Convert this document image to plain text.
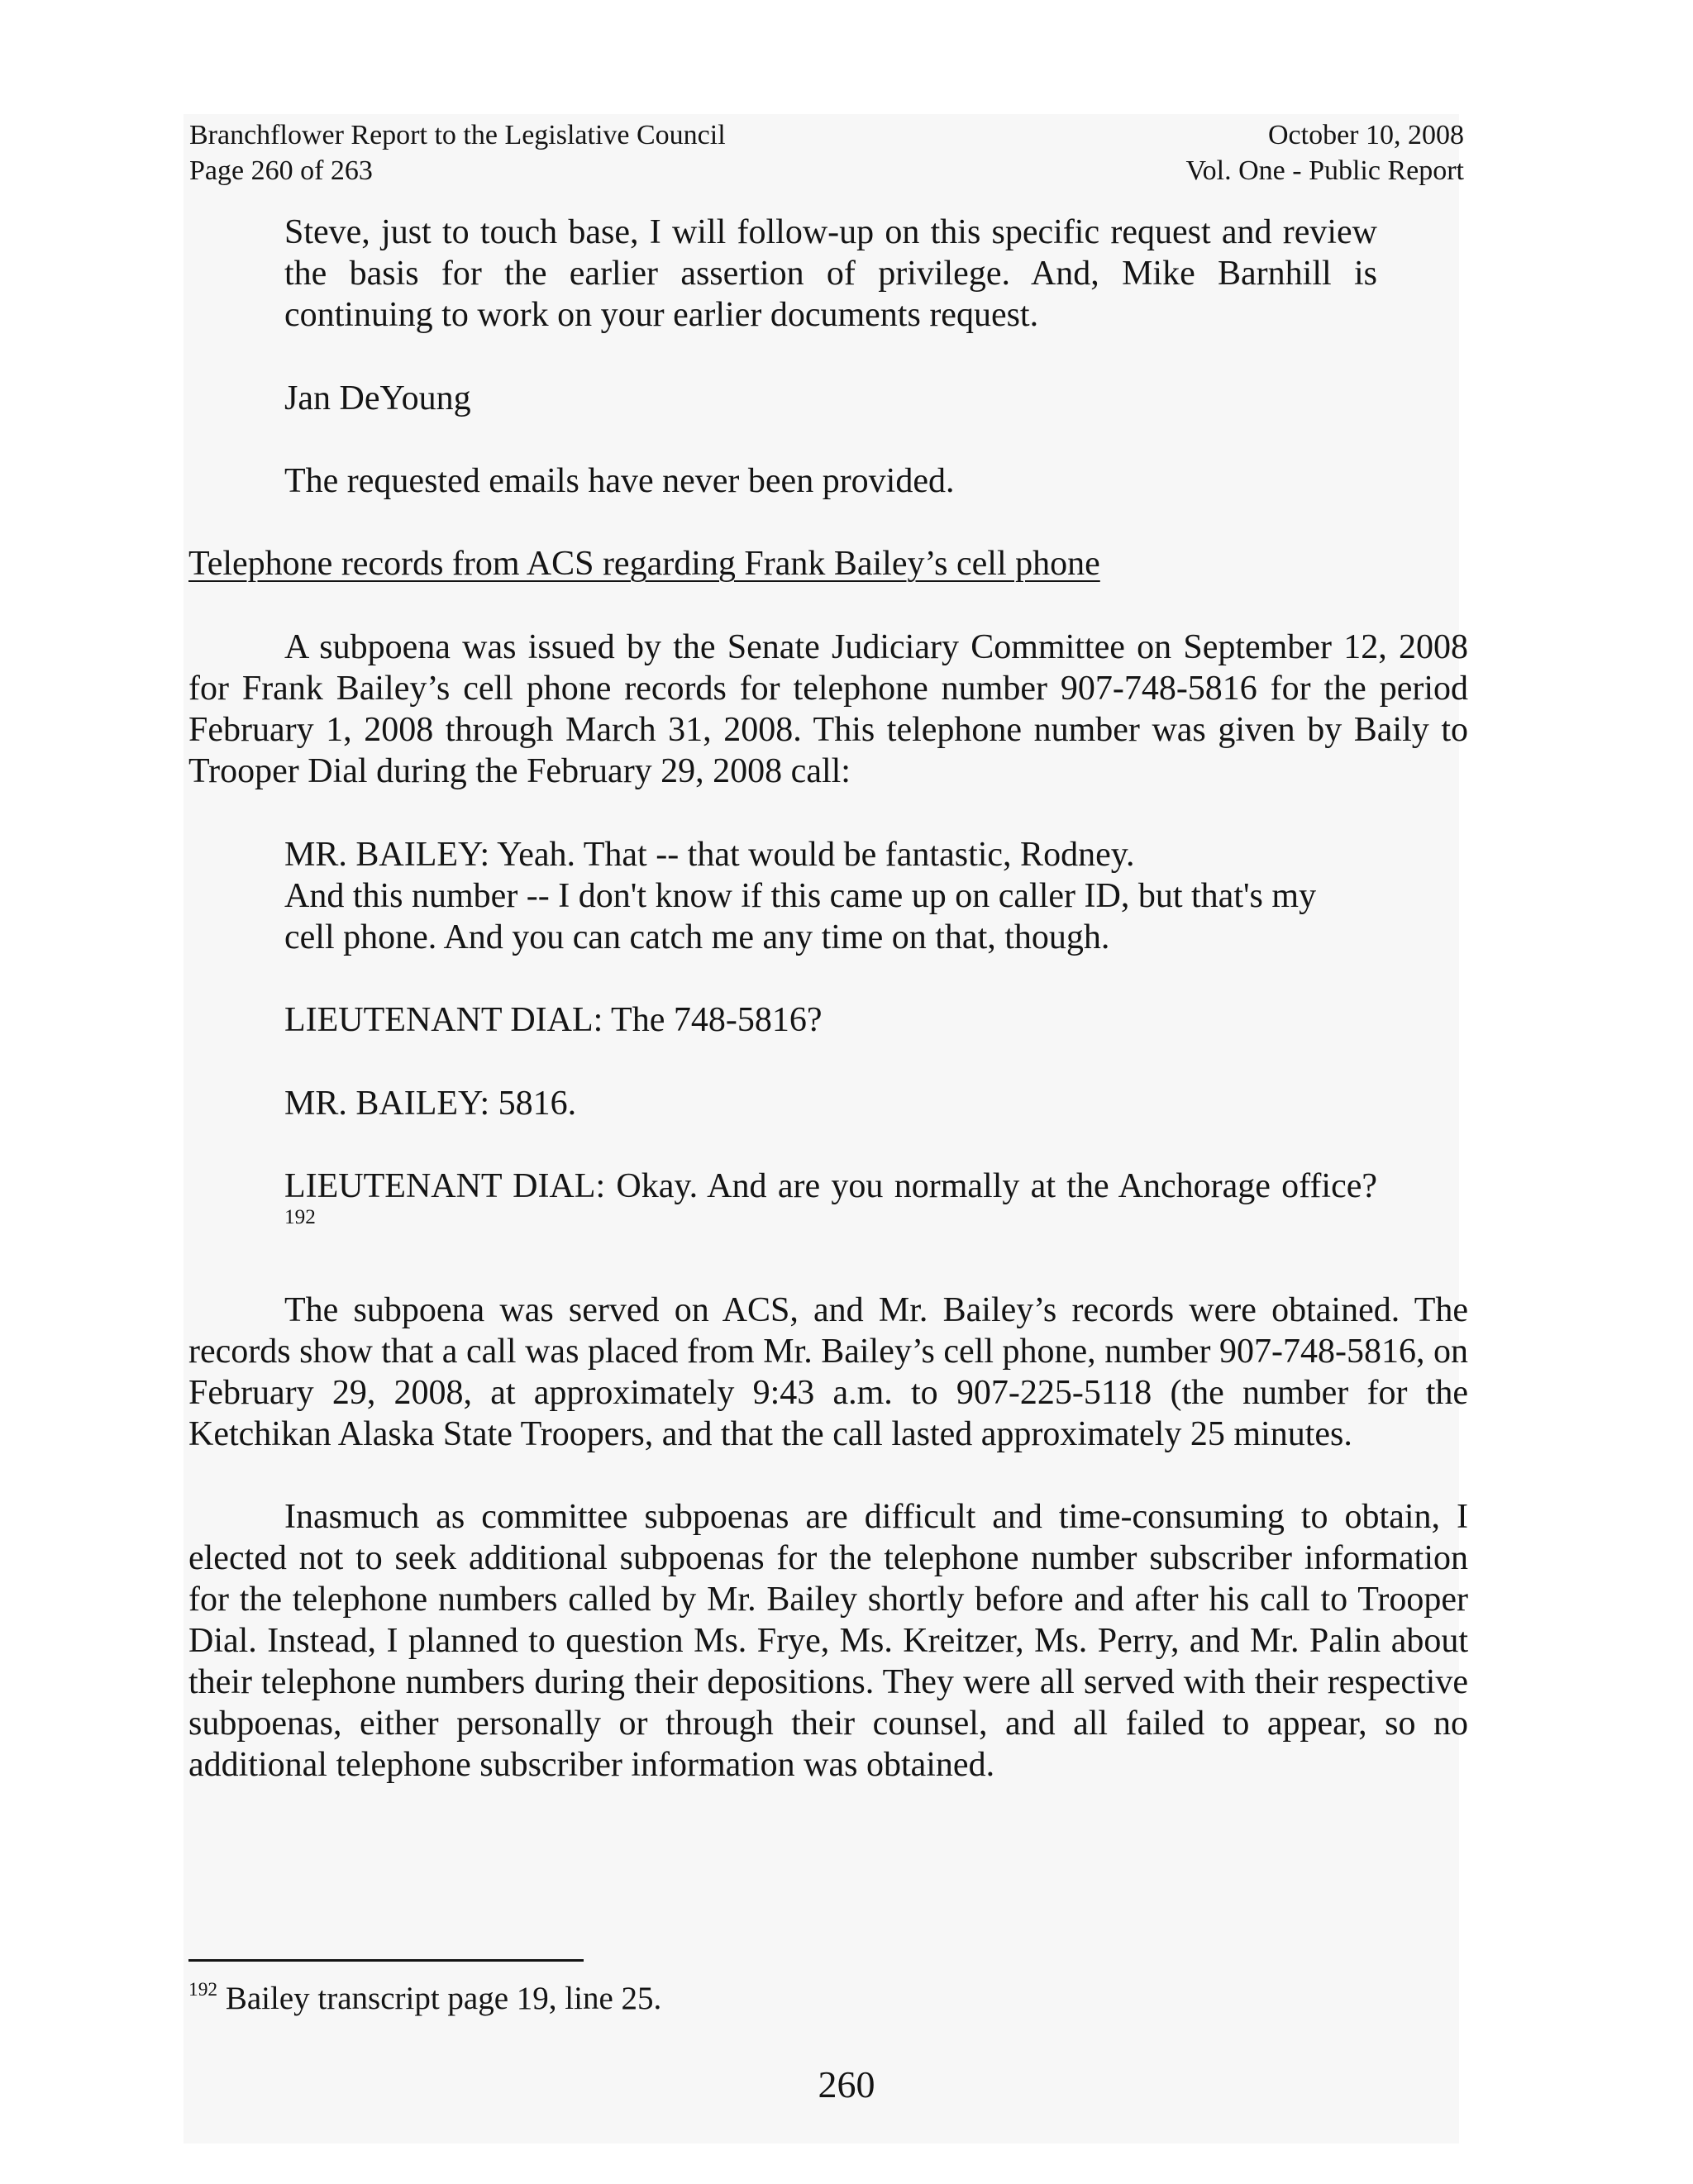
Branchflower Report to the Legislative Council
Page 260 of 263
October 10, 2008
Vol. One - Public Report

Steve, just to touch base, I will follow-up on this specific request and review the basis for the earlier assertion of privilege. And, Mike Barnhill is continuing to work on your earlier documents request.

Jan DeYoung

The requested emails have never been provided.

Telephone records from ACS regarding Frank Bailey’s cell phone

A subpoena was issued by the Senate Judiciary Committee on September 12, 2008 for Frank Bailey’s cell phone records for telephone number 907-748-5816 for the period February 1, 2008 through March 31, 2008. This telephone number was given by Baily to Trooper Dial during the February 29, 2008 call:

MR. BAILEY: Yeah. That -- that would be fantastic, Rodney.

And this number -- I don't know if this came up on caller ID, but that's my cell phone. And you can catch me any time on that, though.

LIEUTENANT DIAL: The 748-5816?

MR. BAILEY: 5816.

LIEUTENANT DIAL: Okay. And are you normally at the Anchorage office? $^{192}$

The subpoena was served on ACS, and Mr. Bailey’s records were obtained. The records show that a call was placed from Mr. Bailey’s cell phone, number 907-748-5816, on February 29, 2008, at approximately 9:43 a.m. to 907-225-5118 (the number for the Ketchikan Alaska State Troopers, and that the call lasted approximately 25 minutes.

Inasmuch as committee subpoenas are difficult and time-consuming to obtain, I elected not to seek additional subpoenas for the telephone number subscriber information for the telephone numbers called by Mr. Bailey shortly before and after his call to Trooper Dial. Instead, I planned to question Ms. Frye, Ms. Kreitzer, Ms. Perry, and Mr. Palin about their telephone numbers during their depositions. They were all served with their respective subpoenas, either personally or through their counsel, and all failed to appear, so no additional telephone subscriber information was obtained.

$^{192}$ Bailey transcript page 19, line 25.
260
